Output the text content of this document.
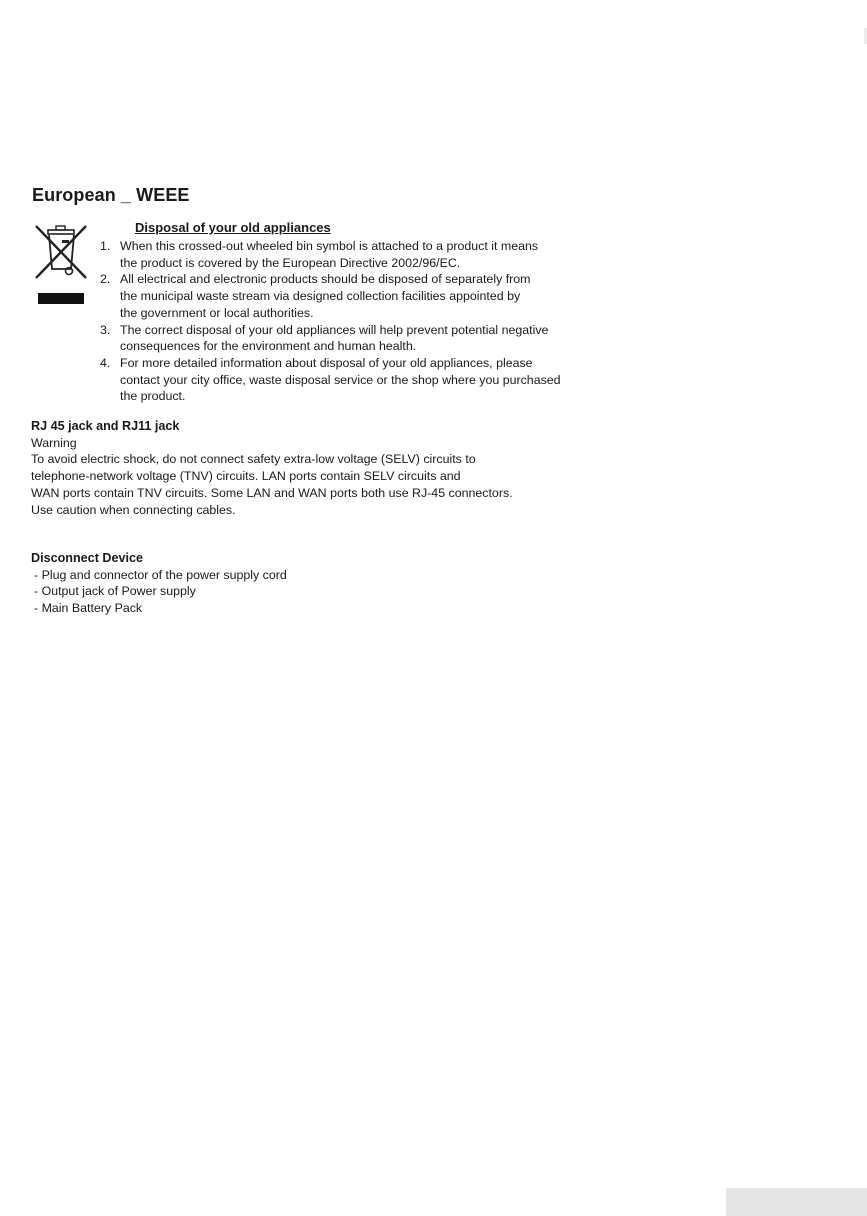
European _ WEEE

Disposal of your old appliances

1. When this crossed-out wheeled bin symbol is attached to a product it means
the product is covered by the European Directive 2002/96/EC.
2. All electrical and electronic products should be disposed of separately from
the municipal waste stream via designed collection facilities appointed by
the government or local authorities.
3. The correct disposal of your old appliances will help prevent potential negative
consequences for the environment and human health.
4. For more detailed information about disposal of your old appliances, please
contact your city office, waste disposal service or the shop where you purchased
the product.
RJ 45 jack and RJ11 jack
Warning
To avoid electric shock, do not connect safety extra-low voltage (SELV) circuits to
telephone-network voltage (TNV) circuits. LAN ports contain SELV circuits and
WAN ports contain TNV circuits. Some LAN and WAN ports both use RJ-45 connectors.
Use caution when connecting cables.
Disconnect Device
- Plug and connector of the power supply cord
- Output jack of Power supply
- Main Battery Pack
